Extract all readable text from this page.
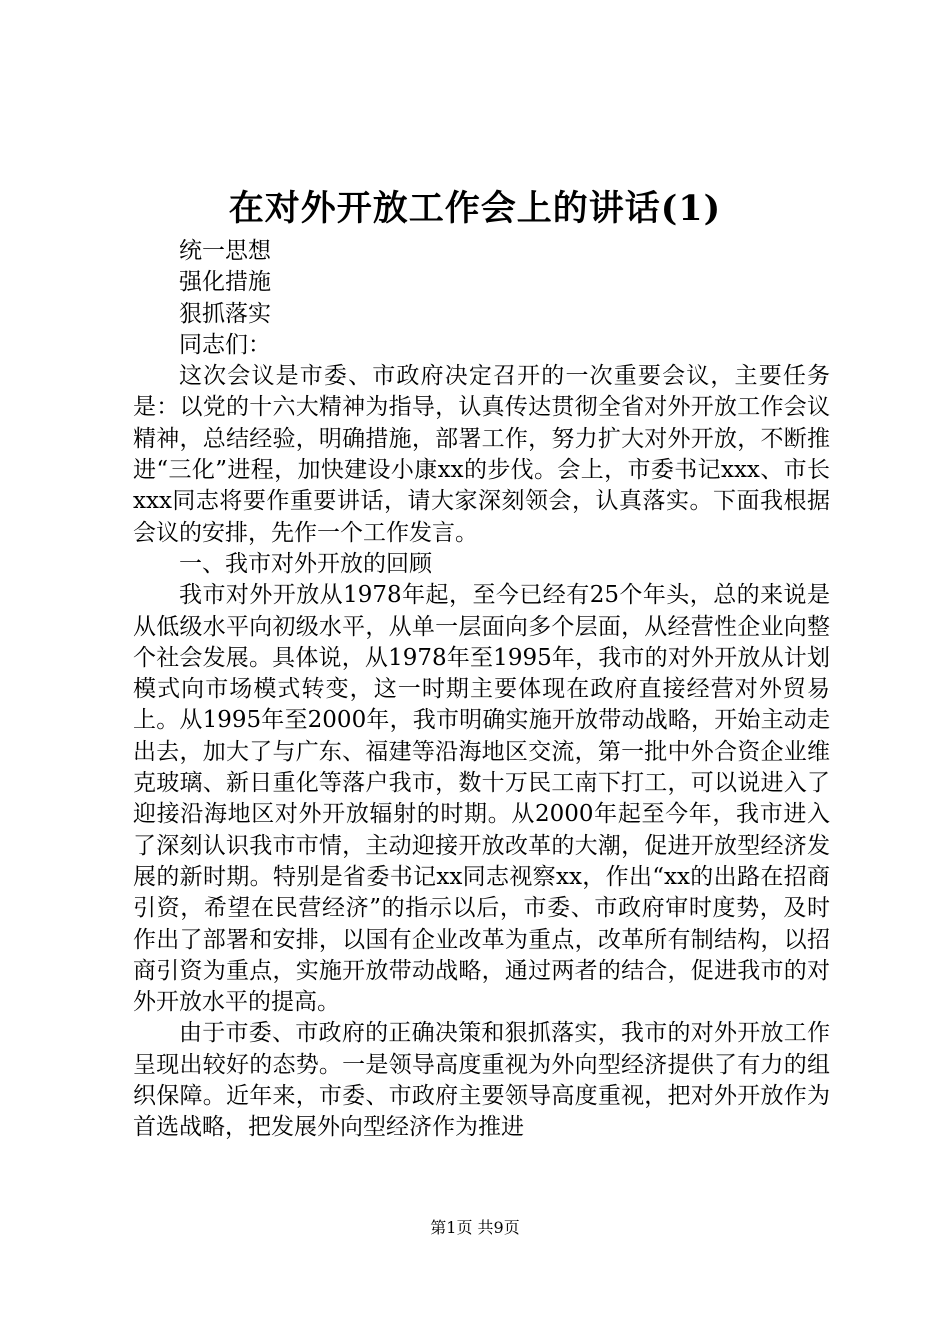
在对外开放工作会上的讲话(1)

统一思想

强化措施

狠抓落实

同志们：

这次会议是市委、市政府决定召开的一次重要会议，主要任务是：以党的十六大精神为指导，认真传达贯彻全省对外开放工作会议精神，总结经验，明确措施，部署工作，努力扩大对外开放，不断推进“三化”进程，加快建设小康xx的步伐。会上，市委书记xxx、市长xxx同志将要作重要讲话，请大家深刻领会，认真落实。下面我根据会议的安排，先作一个工作发言。

一、我市对外开放的回顾

我市对外开放从1978年起，至今已经有25个年头，总的来说是从低级水平向初级水平，从单一层面向多个层面，从经营性企业向整个社会发展。具体说，从1978年至1995年，我市的对外开放从计划模式向市场模式转变，这一时期主要体现在政府直接经营对外贸易上。从1995年至2000年，我市明确实施开放带动战略，开始主动走出去，加大了与广东、福建等沿海地区交流，第一批中外合资企业维克玻璃、新日重化等落户我市，数十万民工南下打工，可以说进入了迎接沿海地区对外开放辐射的时期。从2000年起至今年，我市进入了深刻认识我市市情，主动迎接开放改革的大潮，促进开放型经济发展的新时期。特别是省委书记xx同志视察xx，作出“xx的出路在招商引资，希望在民营经济”的指示以后，市委、市政府审时度势，及时作出了部署和安排，以国有企业改革为重点，改革所有制结构，以招商引资为重点，实施开放带动战略，通过两者的结合，促进我市的对外开放水平的提高。

由于市委、市政府的正确决策和狠抓落实，我市的对外开放工作呈现出较好的态势。一是领导高度重视为外向型经济提供了有力的组织保障。近年来，市委、市政府主要领导高度重视，把对外开放作为首选战略，把发展外向型经济作为推进

第1页 共9页
